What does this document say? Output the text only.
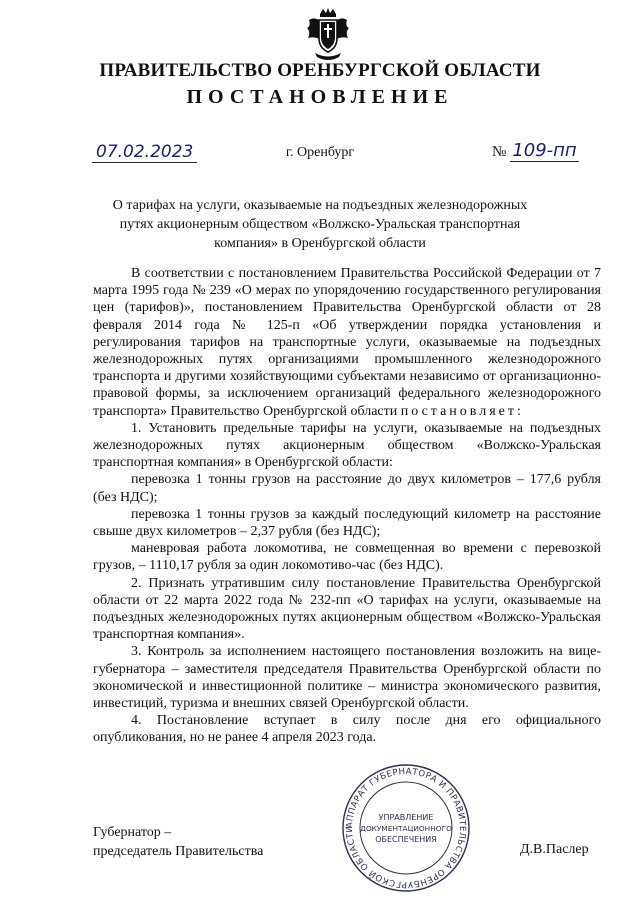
ПРАВИТЕЛЬСТВО ОРЕНБУРГСКОЙ ОБЛАСТИ
ПОСТАНОВЛЕНИЕ
07.02.2023	г. Оренбург	№ 109-пп
О тарифах на услуги, оказываемые на подъездных железнодорожных путях акционерным обществом «Волжско-Уральская транспортная компания» в Оренбургской области

В соответствии с постановлением Правительства Российской Федерации от 7 марта 1995 года № 239 «О мерах по упорядочению государственного регулирования цен (тарифов)», постановлением Правительства Оренбургской области от 28 февраля 2014 года № 125-п «Об утверждении порядка установления и регулирования тарифов на транспортные услуги, оказываемые на подъездных железнодорожных путях организациями промышленного железнодорожного транспорта и другими хозяйствующими субъектами независимо от организационно-правовой формы, за исключением организаций федерального железнодорожного транспорта» Правительство Оренбургской области постановляет:

1. Установить предельные тарифы на услуги, оказываемые на подъездных железнодорожных путях акционерным обществом «Волжско-Уральская транспортная компания» в Оренбургской области:

перевозка 1 тонны грузов на расстояние до двух километров – 177,6 рубля (без НДС);

перевозка 1 тонны грузов за каждый последующий километр на расстояние свыше двух километров – 2,37 рубля (без НДС);

маневровая работа локомотива, не совмещенная во времени с перевозкой грузов, – 1110,17 рубля за один локомотиво-час (без НДС).

2. Признать утратившим силу постановление Правительства Оренбургской области от 22 марта 2022 года № 232-пп «О тарифах на услуги, оказываемые на подъездных железнодорожных путях акционерным обществом «Волжско-Уральская транспортная компания».

3. Контроль за исполнением настоящего постановления возложить на вице-губернатора – заместителя председателя Правительства Оренбургской области по экономической и инвестиционной политике – министра экономического развития, инвестиций, туризма и внешних связей Оренбургской области.

4. Постановление вступает в силу после дня его официального опубликования, но не ранее 4 апреля 2023 года.

АППАРАТ ГУБЕРНАТОРА И ПРАВИТЕЛЬСТВА ОРЕНБУРГСКОЙ ОБЛАСТИ
УПРАВЛЕНИЕ
ДОКУМЕНТАЦИОННОГО
ОБЕСПЕЧЕНИЯ
Губернатор –
председатель Правительства	Д.В.Паслер
